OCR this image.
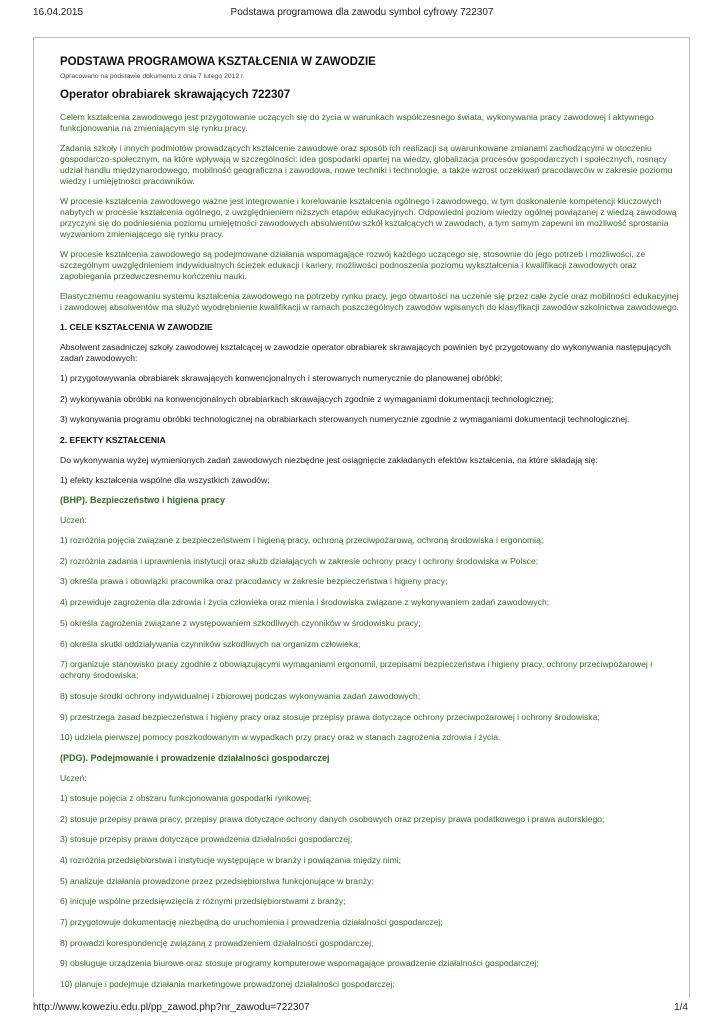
16.04.2015	Podstawa programowa dla zawodu symbol cyfrowy 722307
PODSTAWA PROGRAMOWA KSZTAŁCENIA W ZAWODZIE
Opracowano na podstawie dokumentu z dnia 7 lutego 2012 r.
Operator obrabiarek skrawających 722307
Celem kształcenia zawodowego jest przygotowanie uczących się do życia w warunkach współczesnego świata, wykonywania pracy zawodowej i aktywnego funkcjonowania na zmieniającym się rynku pracy.
Zadania szkoły i innych podmiotów prowadzących kształcenie zawodowe oraz sposób ich realizacji są uwarunkowane zmianami zachodzącymi w otoczeniu gospodarczo-społecznym, na które wpływają w szczególności: idea gospodarki opartej na wiedzy, globalizacja procesów gospodarczych i społecznych, rosnący udział handlu międzynarodowego, mobilność geograficzna i zawodowa, nowe techniki i technologie, a także wzrost oczekiwań pracodawców w zakresie poziomu wiedzy i umiejętności pracowników.
W procesie kształcenia zawodowego ważne jest integrowanie i korelowanie kształcenia ogólnego i zawodowego, w tym doskonalenie kompetencji kluczowych nabytych w procesie kształcenia ogólnego, z uwzględnieniem niższych etapów edukacyjnych. Odpowiedni poziom wiedzy ogólnej powiązanej z wiedzą zawodową przyczyni się do podniesienia poziomu umiejętności zawodowych absolwentów szkół kształcących w zawodach, a tym samym zapewni im możliwość sprostania wyzwaniom zmieniającego się rynku pracy.
W procesie kształcenia zawodowego są podejmowane działania wspomagające rozwój każdego uczącego się, stosownie do jego potrzeb i możliwości, ze szczególnym uwzględnieniem indywidualnych ścieżek edukacji i kariery, możliwości podnoszenia poziomu wykształcenia i kwalifikacji zawodowych oraz zapobiegania przedwczesnemu kończeniu nauki.
Elastycznemu reagowaniu systemu kształcenia zawodowego na potrzeby rynku pracy, jego otwartości na uczenie się przez całe życie oraz mobilności edukacyjnej i zawodowej absolwentów ma służyć wyodrębnienie kwalifikacji w ramach poszczególnych zawodów wpisanych do klasyfikacji zawodów szkolnictwa zawodowego.
1. CELE KSZTAŁCENIA W ZAWODZIE
Absolwent zasadniczej szkoły zawodowej kształcącej w zawodzie operator obrabiarek skrawających powinien być przygotowany do wykonywania następujących zadań zawodowych:
1) przygotowywania obrabiarek skrawających konwencjonalnych i sterowanych numerycznie do planowanej obróbki;
2) wykonywania obróbki na konwencjonalnych obrabiarkach skrawających zgodnie z wymaganiami dokumentacji technologicznej;
3) wykonywania programu obróbki technologicznej na obrabiarkach sterowanych numerycznie zgodnie z wymaganiami dokumentacji technologicznej.
2. EFEKTY KSZTAŁCENIA
Do wykonywania wyżej wymienionych zadań zawodowych niezbędne jest osiągnięcie zakładanych efektów kształcenia, na które składają się:
1) efekty kształcenia wspólne dla wszystkich zawodów;
(BHP). Bezpieczeństwo i higiena pracy
Uczeń:
1) rozróżnia pojęcia związane z bezpieczeństwem i higieną pracy, ochroną przeciwpożarową, ochroną środowiska i ergonomią;
2) rozróżnia zadania i uprawnienia instytucji oraz służb działających w zakresie ochrony pracy i ochrony środowiska w Polsce;
3) określa prawa i obowiązki pracownika oraz pracodawcy w zakresie bezpieczeństwa i higieny pracy;
4) przewiduje zagrożenia dla zdrowia i życia człowieka oraz mienia i środowiska związane z wykonywaniem zadań zawodowych;
5) określa zagrożenia związane z występowaniem szkodliwych czynników w środowisku pracy;
6) określa skutki oddziaływania czynników szkodliwych na organizm człowieka;
7) organizuje stanowisko pracy zgodnie z obowiązującymi wymaganiami ergonomii, przepisami bezpieczeństwa i higieny pracy, ochrony przeciwpożarowej i ochrony środowiska;
8) stosuje środki ochrony indywidualnej i zbiorowej podczas wykonywania zadań zawodowych;
9) przestrzega zasad bezpieczeństwa i higieny pracy oraz stosuje przepisy prawa dotyczące ochrony przeciwpożarowej i ochrony środowiska;
10) udziela pierwszej pomocy poszkodowanym w wypadkach przy pracy oraz w stanach zagrożenia zdrowia i życia.
(PDG). Podejmowanie i prowadzenie działalności gospodarczej
Uczeń:
1) stosuje pojęcia z obszaru funkcjonowania gospodarki rynkowej;
2) stosuje przepisy prawa pracy, przepisy prawa dotyczące ochrony danych osobowych oraz przepisy prawa podatkowego i prawa autorskiego;
3) stosuje przepisy prawa dotyczące prowadzenia działalności gospodarczej;
4) rozróżnia przedsiębiorstwa i instytucje występujące w branży i powiązania między nimi;
5) analizuje działania prowadzone przez przedsiębiorstwa funkcjonujące w branży;
6) inicjuje wspólne przedsięwzięcia z różnymi przedsiębiorstwami z branży;
7) przygotowuje dokumentację niezbędną do uruchomienia i prowadzenia działalności gospodarczej;
8) prowadzi korespondencję związaną z prowadzeniem działalności gospodarczej;
9) obsługuje urządzenia biurowe oraz stosuje programy komputerowe wspomagające prowadzenie działalności gospodarczej;
10) planuje i podejmuje działania marketingowe prowadzonej działalności gospodarczej;
http://www.koweziu.edu.pl/pp_zawod.php?nr_zawodu=722307	1/4
